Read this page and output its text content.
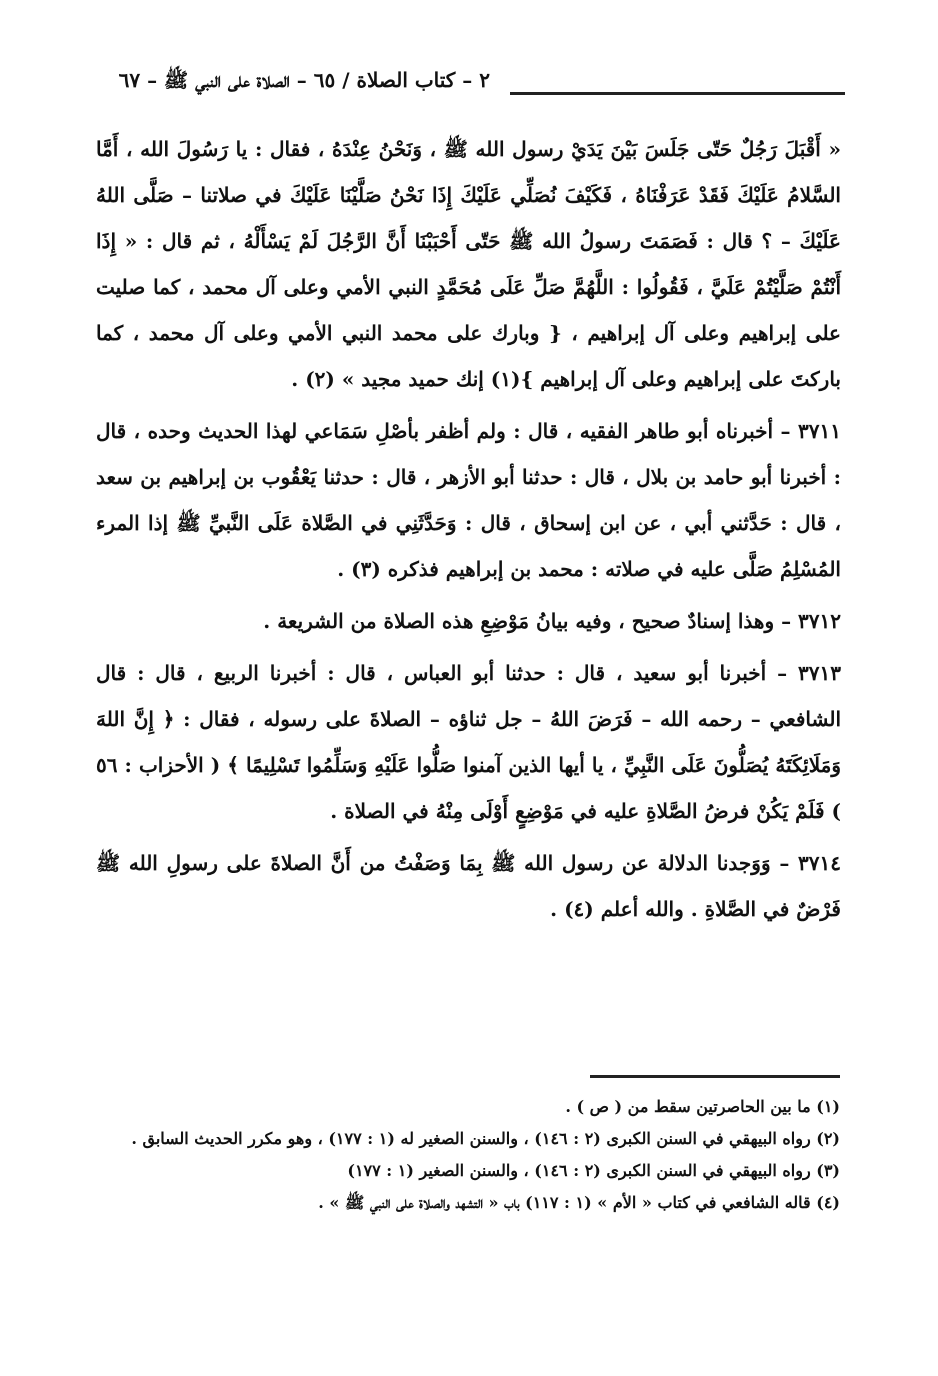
٢ – كتاب الصلاة / ٦٥ – الصلاة على النبي ﷺ – ٦٧

« أَقْبَلَ رَجُلٌ حَتّى جَلَسَ بَيْنَ يَدَيْ رسول الله ﷺ ، وَنَحْنُ عِنْدَهُ ، فقال : يا رَسُولَ الله ، أَمَّا السَّلامُ عَلَيْكَ فَقَدْ عَرَفْنَاهُ ، فَكَيْفَ نُصَلِّي عَلَيْكَ إِذَا نَحْنُ صَلَّيْنَا عَلَيْكَ في صلاتنا – صَلَّى اللهُ عَلَيْكَ – ؟ قال : فَصَمَتَ رسولُ الله ﷺ حَتّى أَحْبَبْنَا أَنَّ الرَّجُلَ لَمْ يَسْأَلْهُ ، ثم قال : « إِذَا أَنْتُمْ صَلَّيْتُمْ عَلَيَّ ، فَقُولُوا : اللَّهُمَّ صَلِّ عَلَى مُحَمَّدٍ النبي الأمي وعلى آل محمد ، كما صليت على إبراهيم وعلى آل إبراهيم ، { وبارك على محمد النبي الأمي وعلى آل محمد ، كما باركتَ على إبراهيم وعلى آل إبراهيم }(١) إنك حميد مجيد » (٢) .

٣٧١١ – أخبرناه أبو طاهر الفقيه ، قال : ولم أظفر بأصْلِ سَمَاعي لهذا الحديث وحده ، قال : أخبرنا أبو حامد بن بلال ، قال : حدثنا أبو الأزهر ، قال : حدثنا يَعْقُوب بن إبراهيم بن سعد ، قال : حَدَّثني أبي ، عن ابن إسحاق ، قال : وَحَدَّثَنِي في الصَّلاة عَلَى النَّبيِّ ﷺ إذا المرء المُسْلِمُ صَلَّى عليه في صلاته : محمد بن إبراهيم فذكره (٣) .

٣٧١٢ – وهذا إسنادٌ صحيح ، وفيه بيانُ مَوْضِعِ هذه الصلاة من الشريعة .

٣٧١٣ – أخبرنا أبو سعيد ، قال : حدثنا أبو العباس ، قال : أخبرنا الربيع ، قال : قال الشافعي – رحمه الله – فَرَضَ اللهُ – جل ثناؤه – الصلاةَ على رسوله ، فقال : ﴿ إِنَّ اللهَ وَمَلَائِكَتَهُ يُصَلُّونَ عَلَى النَّبِيِّ ، يا أيها الذين آمنوا صَلُّوا عَلَيْهِ وَسَلِّمُوا تَسْلِيمًا ﴾ ( الأحزاب : ٥٦ ) فَلَمْ يَكُنْ فرضُ الصَّلاةِ عليه في مَوْضِعٍ أَوْلَى مِنْهُ في الصلاة .

٣٧١٤ – وَوَجدنا الدلالة عن رسول الله ﷺ بِمَا وَصَفْتُ من أَنَّ الصلاةَ على رسولِ الله ﷺ فَرْضٌ في الصَّلاةِ . والله أعلم (٤) .

(١) ما بين الحاصرتين سقط من ( ص ) .

(٢) رواه البيهقي في السنن الكبرى (٢ : ١٤٦) ، والسنن الصغير له (١ : ١٧٧) ، وهو مكرر الحديث السابق .

(٣) رواه البيهقي في السنن الكبرى (٢ : ١٤٦) ، والسنن الصغير (١ : ١٧٧)

(٤) قاله الشافعي في كتاب « الأم » (١ : ١١٧) باب « التشهد والصلاة على النبي ﷺ » .
